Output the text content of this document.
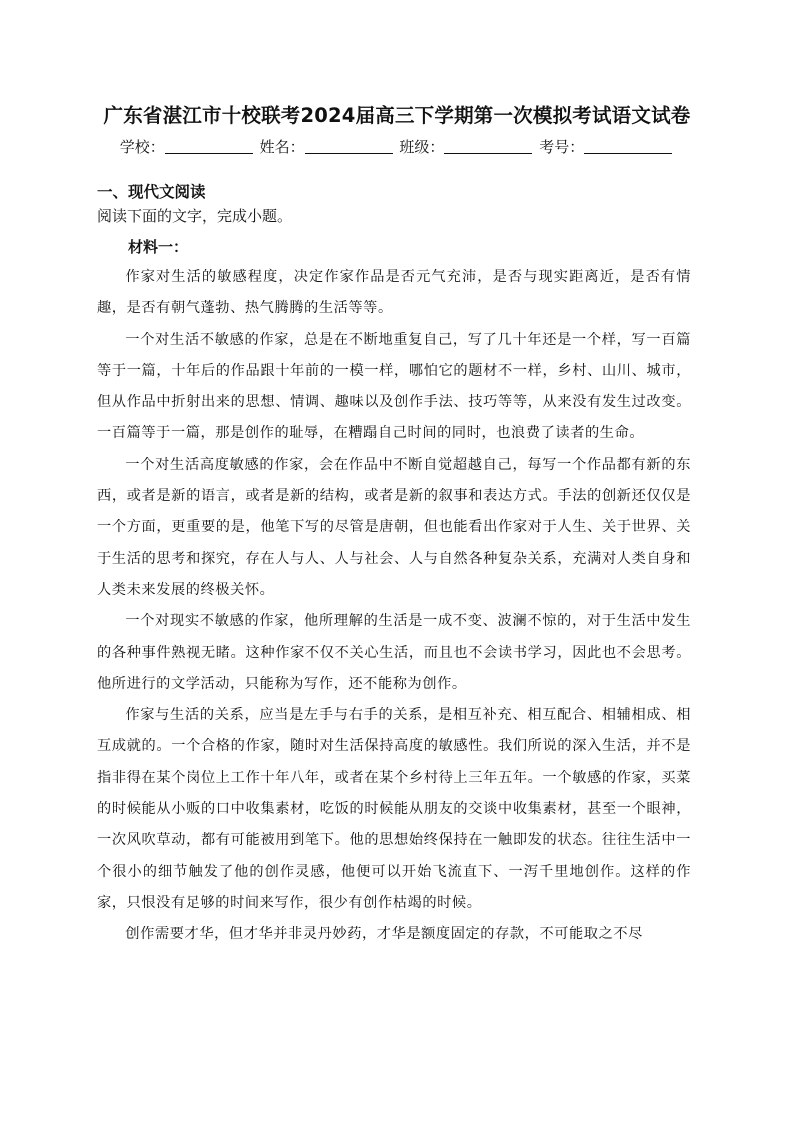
广东省湛江市十校联考2024届高三下学期第一次模拟考试语文试卷
学校：	姓名：	班级：	考号：
一、现代文阅读
阅读下面的文字，完成小题。
材料一：

作家对生活的敏感程度，决定作家作品是否元气充沛，是否与现实距离近，是否有情趣，是否有朝气蓬勃、热气腾腾的生活等等。

一个对生活不敏感的作家，总是在不断地重复自己，写了几十年还是一个样，写一百篇等于一篇，十年后的作品跟十年前的一模一样，哪怕它的题材不一样，乡村、山川、城市，但从作品中折射出来的思想、情调、趣味以及创作手法、技巧等等，从来没有发生过改变。一百篇等于一篇，那是创作的耻辱，在糟蹋自己时间的同时，也浪费了读者的生命。

一个对生活高度敏感的作家，会在作品中不断自觉超越自己，每写一个作品都有新的东西，或者是新的语言，或者是新的结构，或者是新的叙事和表达方式。手法的创新还仅仅是一个方面，更重要的是，他笔下写的尽管是唐朝，但也能看出作家对于人生、关于世界、关于生活的思考和探究，存在人与人、人与社会、人与自然各种复杂关系，充满对人类自身和人类未来发展的终极关怀。

一个对现实不敏感的作家，他所理解的生活是一成不变、波澜不惊的，对于生活中发生的各种事件熟视无睹。这种作家不仅不关心生活，而且也不会读书学习，因此也不会思考。他所进行的文学活动，只能称为写作，还不能称为创作。

作家与生活的关系，应当是左手与右手的关系，是相互补充、相互配合、相辅相成、相互成就的。一个合格的作家，随时对生活保持高度的敏感性。我们所说的深入生活，并不是指非得在某个岗位上工作十年八年，或者在某个乡村待上三年五年。一个敏感的作家，买菜的时候能从小贩的口中收集素材，吃饭的时候能从朋友的交谈中收集素材，甚至一个眼神，一次风吹草动，都有可能被用到笔下。他的思想始终保持在一触即发的状态。往往生活中一个很小的细节触发了他的创作灵感，他便可以开始飞流直下、一泻千里地创作。这样的作家，只恨没有足够的时间来写作，很少有创作枯竭的时候。

创作需要才华，但才华并非灵丹妙药，才华是额度固定的存款，不可能取之不尽
